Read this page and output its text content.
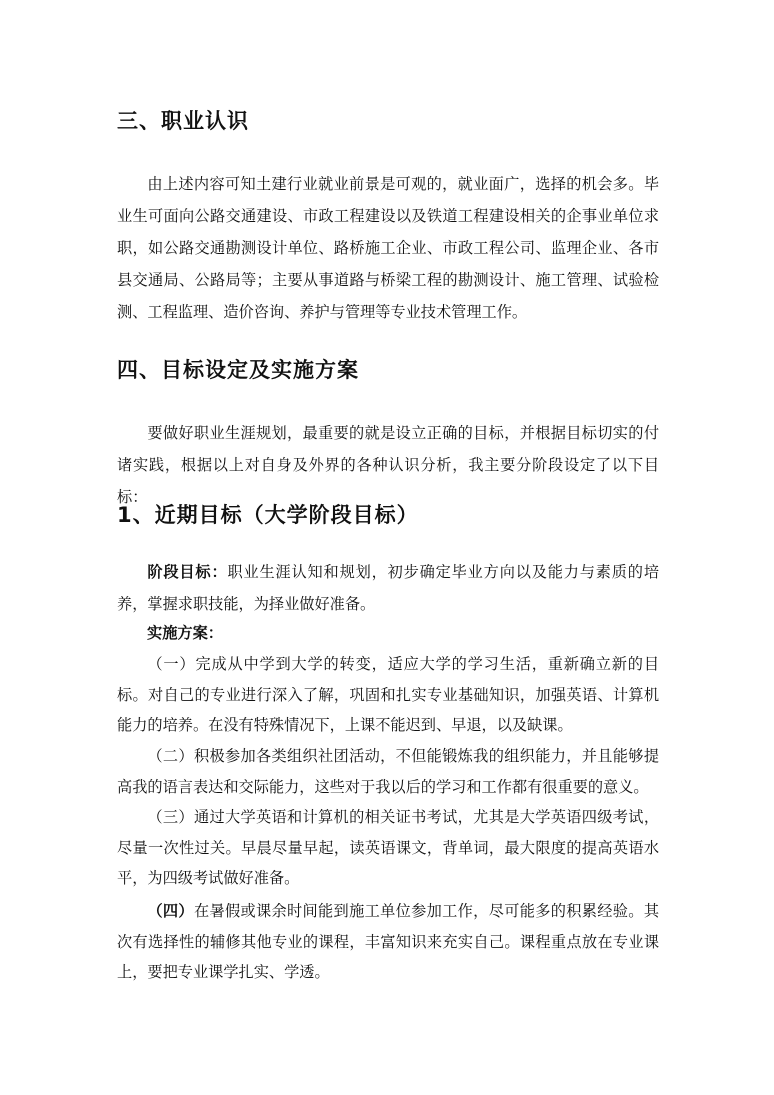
三、职业认识

由上述内容可知土建行业就业前景是可观的，就业面广，选择的机会多。毕业生可面向公路交通建设、市政工程建设以及铁道工程建设相关的企事业单位求职，如公路交通勘测设计单位、路桥施工企业、市政工程公司、监理企业、各市县交通局、公路局等；主要从事道路与桥梁工程的勘测设计、施工管理、试验检测、工程监理、造价咨询、养护与管理等专业技术管理工作。

四、目标设定及实施方案

要做好职业生涯规划，最重要的就是设立正确的目标，并根据目标切实的付诸实践，根据以上对自身及外界的各种认识分析，我主要分阶段设定了以下目标：

1、近期目标（大学阶段目标）

阶段目标：职业生涯认知和规划，初步确定毕业方向以及能力与素质的培养，掌握求职技能，为择业做好准备。

实施方案：

（一）完成从中学到大学的转变，适应大学的学习生活，重新确立新的目标。对自己的专业进行深入了解，巩固和扎实专业基础知识，加强英语、计算机能力的培养。在没有特殊情况下，上课不能迟到、早退，以及缺课。

（二）积极参加各类组织社团活动，不但能锻炼我的组织能力，并且能够提高我的语言表达和交际能力，这些对于我以后的学习和工作都有很重要的意义。

（三）通过大学英语和计算机的相关证书考试，尤其是大学英语四级考试，尽量一次性过关。早晨尽量早起，读英语课文，背单词，最大限度的提高英语水平，为四级考试做好准备。

（四）在暑假或课余时间能到施工单位参加工作，尽可能多的积累经验。其次有选择性的辅修其他专业的课程，丰富知识来充实自己。课程重点放在专业课上，要把专业课学扎实、学透。
